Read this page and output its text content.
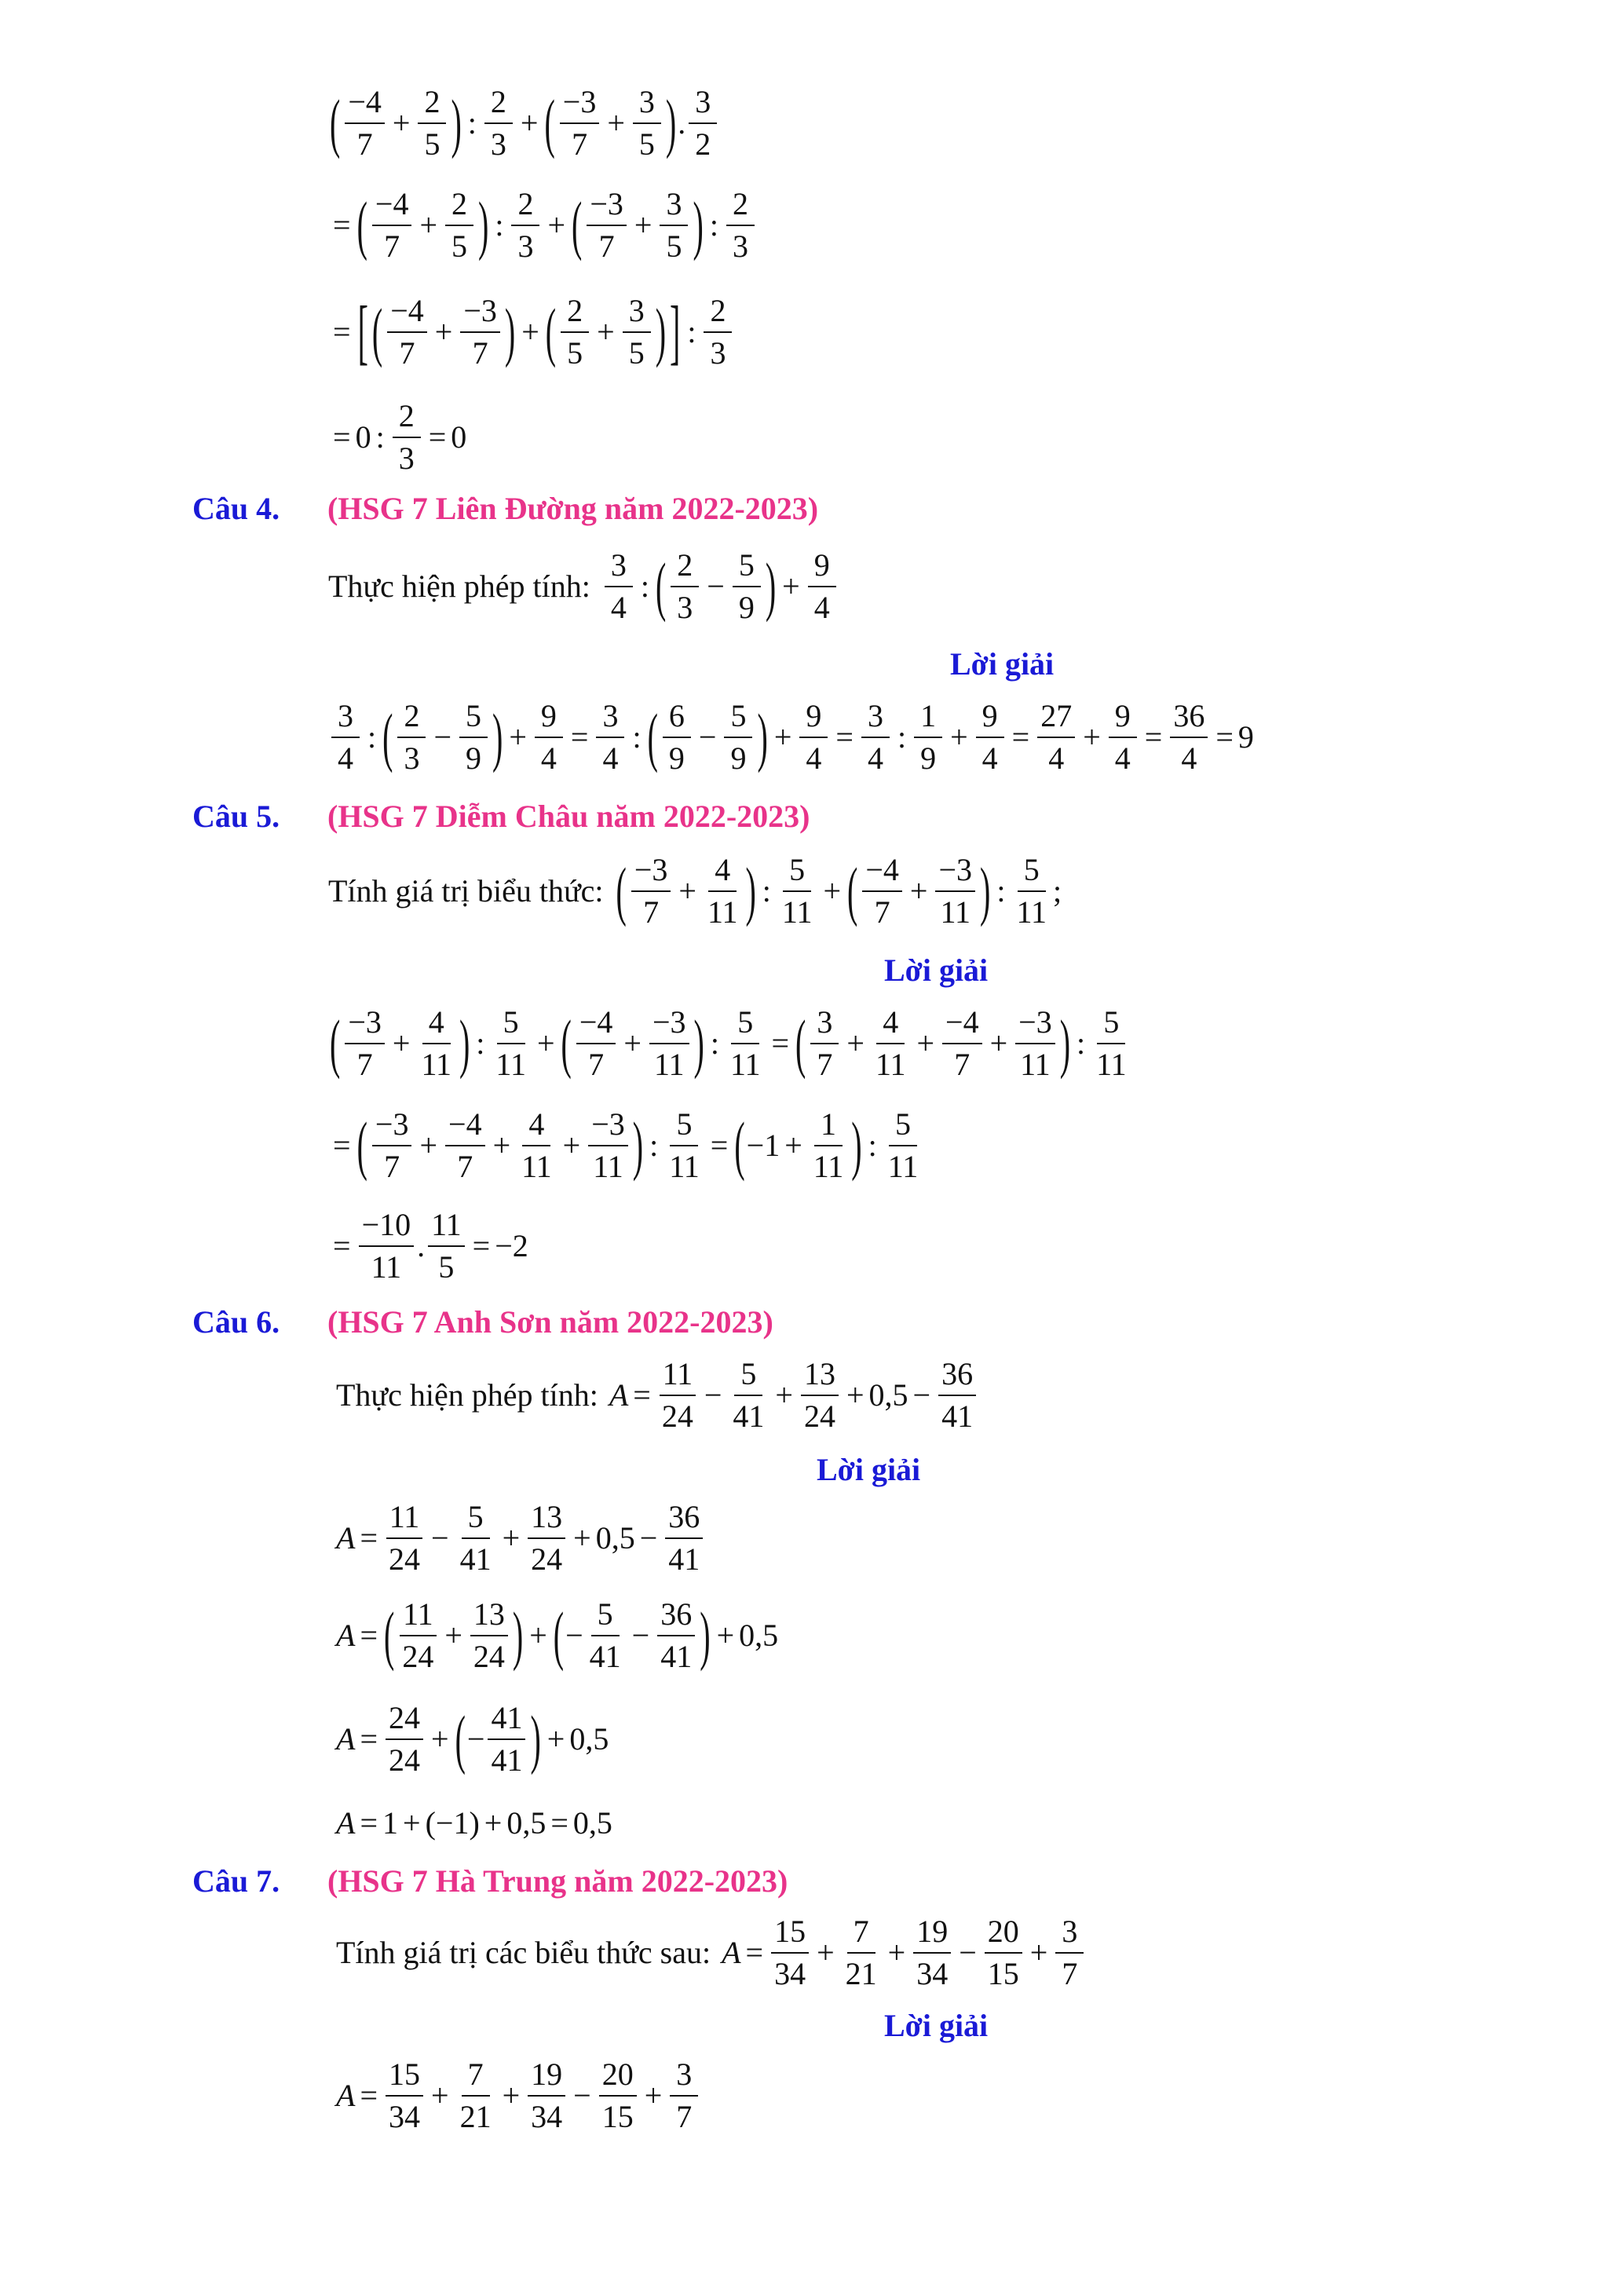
( $\frac{-4}{7} + \frac{2}{5}$ ) : $\frac{2}{3}$ + ( $\frac{-3}{7} + \frac{3}{5}$ ) . $\frac{3}{2}$
= ( $\frac{-4}{7} + \frac{2}{5}$ ) : $\frac{2}{3}$ + ( $\frac{-3}{7} + \frac{3}{5}$ ) : $\frac{2}{3}$
= [ ( $\frac{-4}{7} + \frac{-3}{7}$ ) + ( $\frac{2}{5} + \frac{3}{5}$ ) ] : $\frac{2}{3}$
= 0 : $\frac{2}{3} = 0$
Câu 4.	(HSG 7 Liên Đường năm 2022-2023)
Thực hiện phép tính: $\frac{3}{4}$ : ( $\frac{2}{3} - \frac{5}{9}$ ) + $\frac{9}{4}$
Lời giải
$\frac{3}{4}$ : ( $\frac{2}{3} - \frac{5}{9}$ ) + $\frac{9}{4} = \frac{3}{4}$ : ( $\frac{6}{9} - \frac{5}{9}$ ) + $\frac{9}{4} = \frac{3}{4}$ : $\frac{1}{9} + \frac{9}{4} = \frac{27}{4} + \frac{9}{4} = \frac{36}{4} = 9$
Câu 5.	(HSG 7 Diễm Châu năm 2022-2023)
Tính giá trị biểu thức: ( $\frac{-3}{7} + \frac{4}{11}$ ) : $\frac{5}{11}$ + ( $\frac{-4}{7} + \frac{-3}{11}$ ) : $\frac{5}{11}$ ;
Lời giải
( $\frac{-3}{7} + \frac{4}{11}$ ) : $\frac{5}{11}$ + ( $\frac{-4}{7} + \frac{-3}{11}$ ) : $\frac{5}{11}$ = ( $\frac{3}{7} + \frac{4}{11} + \frac{-4}{7} + \frac{-3}{11}$ ) : $\frac{5}{11}$
= ( $\frac{-3}{7} + \frac{-4}{7} + \frac{4}{11} + \frac{-3}{11}$ ) : $\frac{5}{11}$ = ( $-1 + \frac{1}{11}$ ) : $\frac{5}{11}$
= $\frac{-10}{11}$ . $\frac{11}{5} = -2$
Câu 6.	(HSG 7 Anh Sơn năm 2022-2023)
Thực hiện phép tính: $A = \frac{11}{24} - \frac{5}{41} + \frac{13}{24} + 0,5 - \frac{36}{41}$
Lời giải
$A = \frac{11}{24} - \frac{5}{41} + \frac{13}{24} + 0,5 - \frac{36}{41}$
A = ( $\frac{11}{24} + \frac{13}{24}$ ) + ( − $\frac{5}{41} - \frac{36}{41}$ ) + 0,5
$A = \frac{24}{24}$ + ( − $\frac{41}{41}$ ) + 0,5
A = 1 + (−1) + 0,5 = 0,5
Câu 7.	(HSG 7 Hà Trung năm 2022-2023)
Tính giá trị các biểu thức sau: $A = \frac{15}{34} + \frac{7}{21} + \frac{19}{34} - \frac{20}{15} + \frac{3}{7}$
Lời giải
$A = \frac{15}{34} + \frac{7}{21} + \frac{19}{34} - \frac{20}{15} + \frac{3}{7}$
